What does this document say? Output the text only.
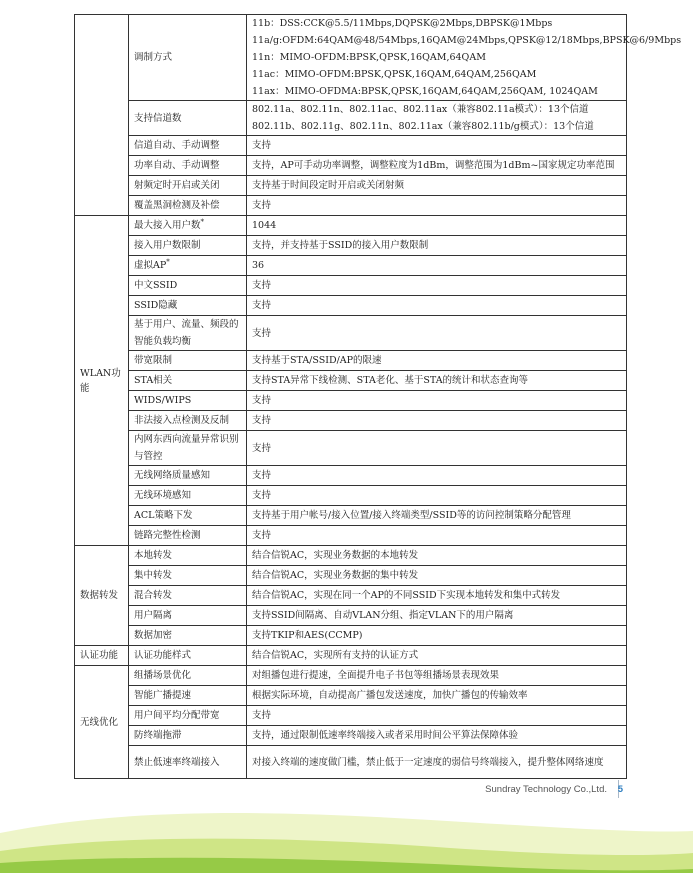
	调制方式	11b：DSS:CCK@5.5/11Mbps,DQPSK@2Mbps,DBPSK@1Mbps
11a/g:OFDM:64QAM@48/54Mbps,16QAM@24Mbps,QPSK@12/18Mbps,BPSK@6/9Mbps
11n：MIMO-OFDM:BPSK,QPSK,16QAM,64QAM
11ac：MIMO-OFDM:BPSK,QPSK,16QAM,64QAM,256QAM
11ax：MIMO-OFDMA:BPSK,QPSK,16QAM,64QAM,256QAM, 1024QAM

	支持信道数	802.11a、802.11n、802.11ac、802.11ax（兼容802.11a模式）：13个信道
802.11b、802.11g、802.11n、802.11ax（兼容802.11b/g模式）：13个信道

	信道自动、手动调整	支持
	功率自动、手动调整	支持，AP可手动功率调整，调整粒度为1dBm，调整范围为1dBm~国家规定功率范围
	射频定时开启或关闭	支持基于时间段定时开启或关闭射频
	覆盖黑洞检测及补偿	支持
WLAN功能	最大接入用户数*	1044
	接入用户数限制	支持，并支持基于SSID的接入用户数限制
	虚拟AP*	36
	中文SSID	支持
	SSID隐藏	支持
	基于用户、流量、频段的智能负载均衡	支持
	带宽限制	支持基于STA/SSID/AP的限速
	STA相关	支持STA异常下线检测、STA老化、基于STA的统计和状态查询等
	WIDS/WIPS	支持
	非法接入点检测及反制	支持
	内网东西向流量异常识别与管控	支持
	无线网络质量感知	支持
	无线环境感知	支持
	ACL策略下发	支持基于用户帐号/接入位置/接入终端类型/SSID等的访问控制策略分配管理
	链路完整性检测	支持
数据转发	本地转发	结合信锐AC，实现业务数据的本地转发
	集中转发	结合信锐AC，实现业务数据的集中转发
	混合转发	结合信锐AC，实现在同一个AP的不同SSID下实现本地转发和集中式转发
	用户隔离	支持SSID间隔离、自动VLAN分组、指定VLAN下的用户隔离
	数据加密	支持TKIP和AES(CCMP)
认证功能	认证功能样式	结合信锐AC，实现所有支持的认证方式
无线优化	组播场景优化	对组播包进行提速，全面提升电子书包等组播场景表现效果
	智能广播提速	根据实际环境，自动提高广播包发送速度，加快广播包的传输效率
	用户间平均分配带宽	支持
	防终端拖滞	支持，通过限制低速率终端接入或者采用时间公平算法保障体验
	禁止低速率终端接入	对接入终端的速度做门槛，禁止低于一定速度的弱信号终端接入，提升整体网络速度
Sundray Technology Co.,Ltd. 5
